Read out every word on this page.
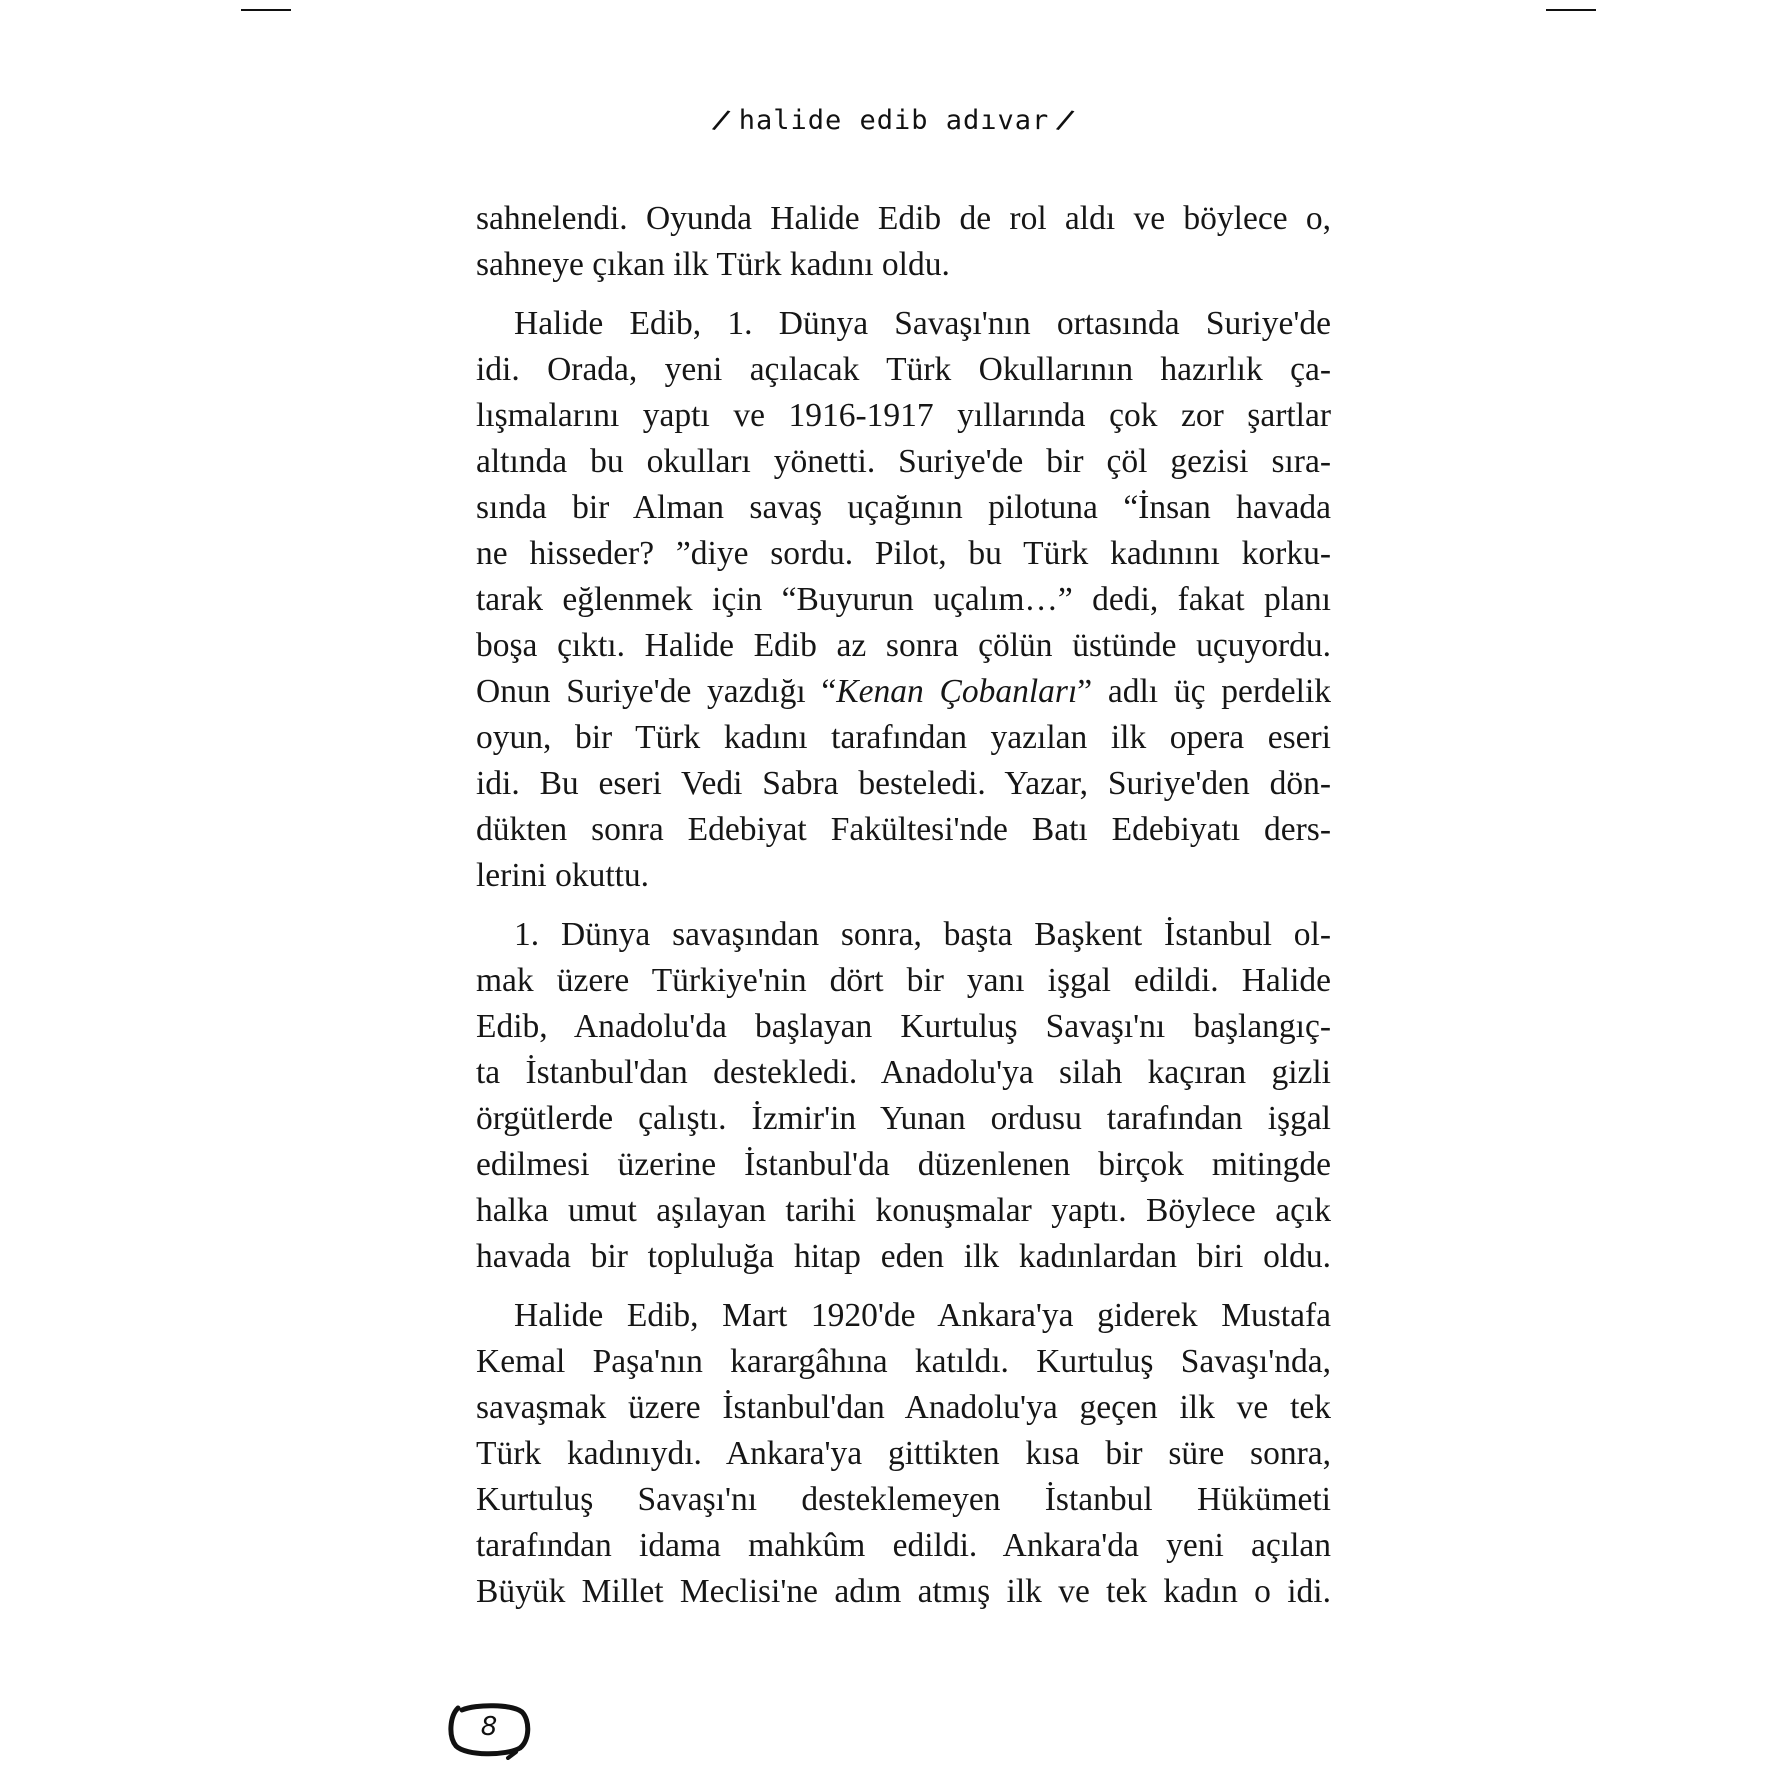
/ halide edib adıvar /
sahnelendi. Oyunda Halide Edib de rol aldı ve böylece o,
sahneye çıkan ilk Türk kadını oldu.
Halide Edib, 1. Dünya Savaşı'nın ortasında Suriye'de
idi. Orada, yeni açılacak Türk Okullarının hazırlık ça-
lışmalarını yaptı ve 1916-1917 yıllarında çok zor şartlar
altında bu okulları yönetti. Suriye'de bir çöl gezisi sıra-
sında bir Alman savaş uçağının pilotuna “İnsan havada
ne hisseder? ”diye sordu. Pilot, bu Türk kadınını korku-
tarak eğlenmek için “Buyurun uçalım…” dedi, fakat planı
boşa çıktı. Halide Edib az sonra çölün üstünde uçuyordu.
Onun Suriye'de yazdığı “Kenan Çobanları” adlı üç perdelik
oyun, bir Türk kadını tarafından yazılan ilk opera eseri
idi. Bu eseri Vedi Sabra besteledi. Yazar, Suriye'den dön-
dükten sonra Edebiyat Fakültesi'nde Batı Edebiyatı ders-
lerini okuttu.
1. Dünya savaşından sonra, başta Başkent İstanbul ol-
mak üzere Türkiye'nin dört bir yanı işgal edildi. Halide
Edib, Anadolu'da başlayan Kurtuluş Savaşı'nı başlangıç-
ta İstanbul'dan destekledi. Anadolu'ya silah kaçıran gizli
örgütlerde çalıştı. İzmir'in Yunan ordusu tarafından işgal
edilmesi üzerine İstanbul'da düzenlenen birçok mitingde
halka umut aşılayan tarihi konuşmalar yaptı. Böylece açık
havada bir topluluğa hitap eden ilk kadınlardan biri oldu.
Halide Edib, Mart 1920'de Ankara'ya giderek Mustafa
Kemal Paşa'nın karargâhına katıldı. Kurtuluş Savaşı'nda,
savaşmak üzere İstanbul'dan Anadolu'ya geçen ilk ve tek
Türk kadınıydı. Ankara'ya gittikten kısa bir süre sonra,
Kurtuluş Savaşı'nı desteklemeyen İstanbul Hükümeti
tarafından idama mahkûm edildi. Ankara'da yeni açılan
Büyük Millet Meclisi'ne adım atmış ilk ve tek kadın o idi.
8
